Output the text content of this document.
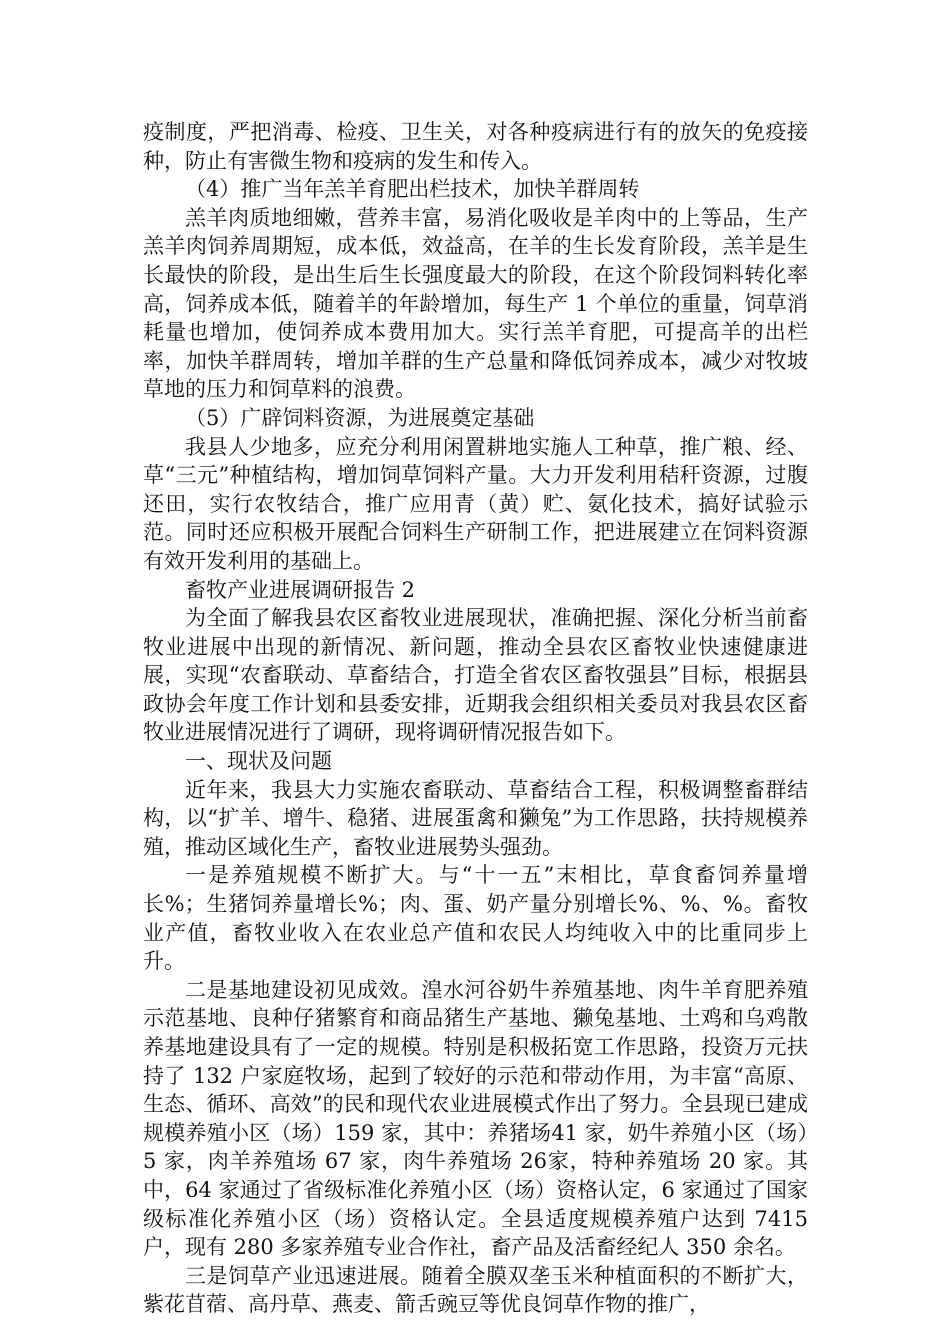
疫制度，严把消毒、检疫、卫生关，对各种疫病进行有的放矢的免疫接种，防止有害微生物和疫病的发生和传入。

（4）推广当年羔羊育肥出栏技术，加快羊群周转

羔羊肉质地细嫩，营养丰富，易消化吸收是羊肉中的上等品，生产羔羊肉饲养周期短，成本低，效益高，在羊的生长发育阶段，羔羊是生长最快的阶段，是出生后生长强度最大的阶段，在这个阶段饲料转化率高，饲养成本低，随着羊的年龄增加，每生产 1 个单位的重量，饲草消耗量也增加，使饲养成本费用加大。实行羔羊育肥，可提高羊的出栏率，加快羊群周转，增加羊群的生产总量和降低饲养成本，减少对牧坡草地的压力和饲草料的浪费。

（5）广辟饲料资源，为进展奠定基础

我县人少地多，应充分利用闲置耕地实施人工种草，推广粮、经、草“三元”种植结构，增加饲草饲料产量。大力开发利用秸秆资源，过腹还田，实行农牧结合，推广应用青（黄）贮、氨化技术，搞好试验示范。同时还应积极开展配合饲料生产研制工作，把进展建立在饲料资源有效开发利用的基础上。

畜牧产业进展调研报告 2

为全面了解我县农区畜牧业进展现状，准确把握、深化分析当前畜牧业进展中出现的新情况、新问题，推动全县农区畜牧业快速健康进展，实现“农畜联动、草畜结合，打造全省农区畜牧强县”目标，根据县政协会年度工作计划和县委安排，近期我会组织相关委员对我县农区畜牧业进展情况进行了调研，现将调研情况报告如下。

一、现状及问题

近年来，我县大力实施农畜联动、草畜结合工程，积极调整畜群结构，以“扩羊、增牛、稳猪、进展蛋禽和獭兔”为工作思路，扶持规模养殖，推动区域化生产，畜牧业进展势头强劲。

一是养殖规模不断扩大。与“十一五”末相比，草食畜饲养量增长%；生猪饲养量增长%；肉、蛋、奶产量分别增长%、%、%。畜牧业产值，畜牧业收入在农业总产值和农民人均纯收入中的比重同步上升。

二是基地建设初见成效。湟水河谷奶牛养殖基地、肉牛羊育肥养殖示范基地、良种仔猪繁育和商品猪生产基地、獭兔基地、土鸡和乌鸡散养基地建设具有了一定的规模。特别是积极拓宽工作思路，投资万元扶持了 132 户家庭牧场，起到了较好的示范和带动作用，为丰富“高原、生态、循环、高效”的民和现代农业进展模式作出了努力。全县现已建成规模养殖小区（场）159 家，其中：养猪场41 家，奶牛养殖小区（场）5 家，肉羊养殖场 67 家，肉牛养殖场 26家，特种养殖场 20 家。其中，64 家通过了省级标准化养殖小区（场）资格认定，6 家通过了国家级标准化养殖小区（场）资格认定。全县适度规模养殖户达到 7415 户，现有 280 多家养殖专业合作社，畜产品及活畜经纪人 350 余名。

三是饲草产业迅速进展。随着全膜双垄玉米种植面积的不断扩大，紫花苜蓿、高丹草、燕麦、箭舌豌豆等优良饲草作物的推广，
